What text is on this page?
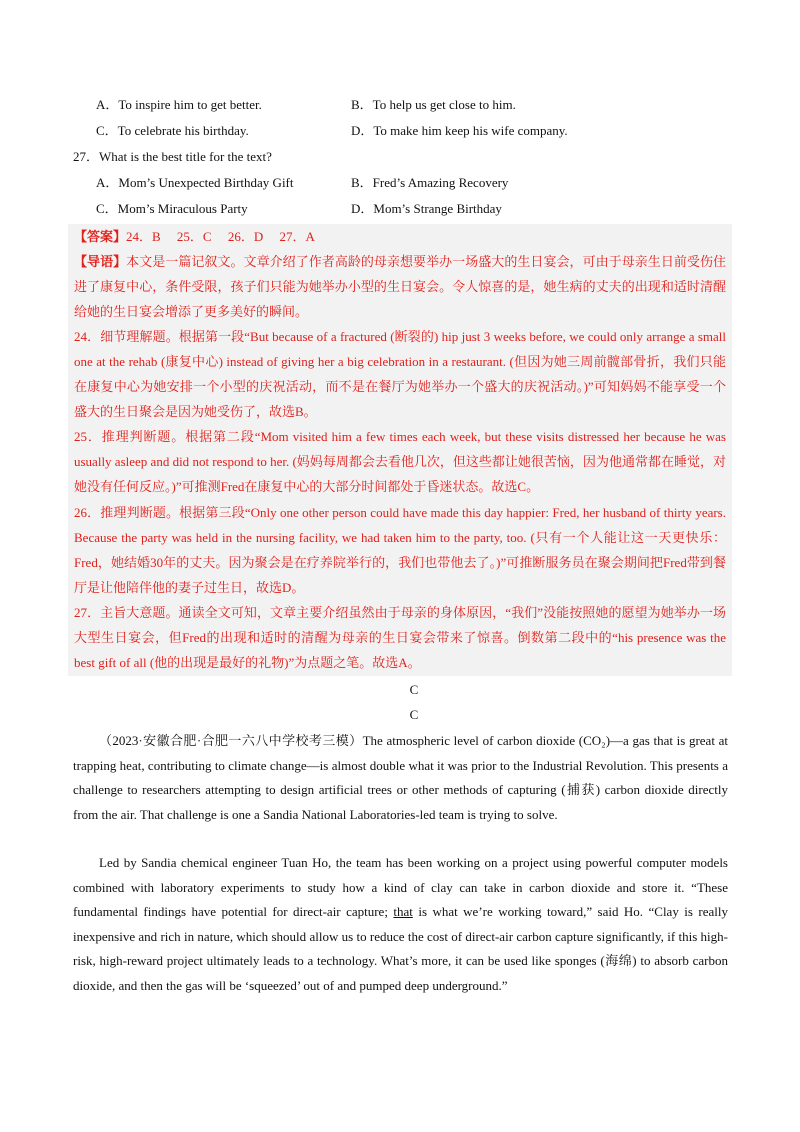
A．To inspire him to get better.	B．To help us get close to him.
C．To celebrate his birthday.	D．To make him keep his wife company.
27．What is the best title for the text?
A．Mom’s Unexpected Birthday Gift	B．Fred’s Amazing Recovery
C．Mom’s Miraculous Party	D．Mom’s Strange Birthday

【答案】24．B　 25．C　 26．D　 27．A

【导语】本文是一篇记叙文。文章介绍了作者高龄的母亲想要举办一场盛大的生日宴会，可由于母亲生日前受伤住进了康复中心，条件受限，孩子们只能为她举办小型的生日宴会。令人惊喜的是，她生病的丈夫的出现和适时清醒给她的生日宴会增添了更多美好的瞬间。

24．细节理解题。根据第一段“But because of a fractured (断裂的) hip just 3 weeks before, we could only arrange a small one at the rehab (康复中心) instead of giving her a big celebration in a restaurant. (但因为她三周前髋部骨折，我们只能在康复中心为她安排一个小型的庆祝活动，而不是在餐厅为她举办一个盛大的庆祝活动。)”可知妈妈不能享受一个盛大的生日聚会是因为她受伤了，故选B。

25．推理判断题。根据第二段“Mom visited him a few times each week, but these visits distressed her because he was usually asleep and did not respond to her. (妈妈每周都会去看他几次，但这些都让她很苦恼，因为他通常都在睡觉，对她没有任何反应。)”可推测Fred在康复中心的大部分时间都处于昏迷状态。故选C。

26．推理判断题。根据第三段“Only one other person could have made this day happier: Fred, her husband of thirty years. Because the party was held in the nursing facility, we had taken him to the party, too. (只有一个人能让这一天更快乐：Fred，她结婚30年的丈夫。因为聚会是在疗养院举行的，我们也带他去了。)”可推断服务员在聚会期间把Fred带到餐厅是让他陪伴他的妻子过生日，故选D。

27．主旨大意题。通读全文可知，文章主要介绍虽然由于母亲的身体原因，“我们”没能按照她的愿望为她举办一场大型生日宴会，但Fred的出现和适时的清醒为母亲的生日宴会带来了惊喜。倒数第二段中的“his presence was the best gift of all (他的出现是最好的礼物)”为点题之笔。故选A。

C
C

（2023·安徽合肥·合肥一六八中学校考三模）The atmospheric level of carbon dioxide (CO₂)—a gas that is great at trapping heat, contributing to climate change—is almost double what it was prior to the Industrial Revolution. This presents a challenge to researchers attempting to design artificial trees or other methods of capturing (捕获) carbon dioxide directly from the air. That challenge is one a Sandia National Laboratories-led team is trying to solve.

Led by Sandia chemical engineer Tuan Ho, the team has been working on a project using powerful computer models combined with laboratory experiments to study how a kind of clay can take in carbon dioxide and store it. “These fundamental findings have potential for direct-air capture; that is what we’re working toward,” said Ho. “Clay is really inexpensive and rich in nature, which should allow us to reduce the cost of direct-air carbon capture significantly, if this high-risk, high-reward project ultimately leads to a technology. What’s more, it can be used like sponges (海绵) to absorb carbon dioxide, and then the gas will be ‘squeezed’ out of and pumped deep underground.”
